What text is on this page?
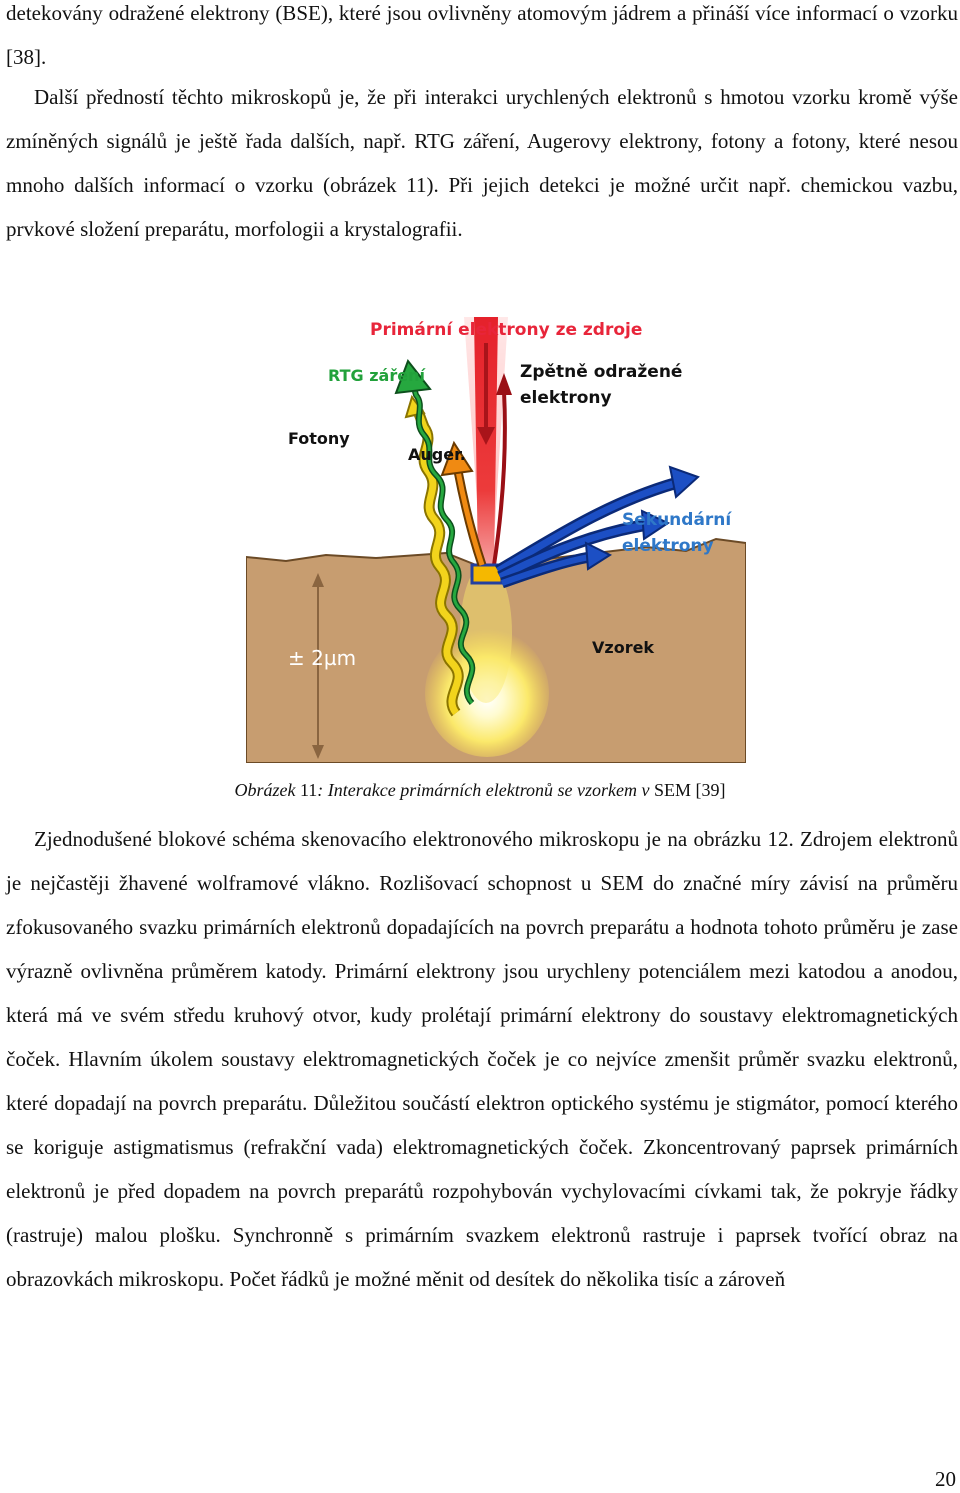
detekovány odražené elektrony (BSE), které jsou ovlivněny atomovým jádrem a přináší více informací o vzorku [38].

Další předností těchto mikroskopů je, že při interakci urychlených elektronů s hmotou vzorku kromě výše zmíněných signálů je ještě řada dalších, např. RTG záření, Augerovy elektrony, fotony a fotony, které nesou mnoho dalších informací o vzorku (obrázek 11). Při jejich detekci je možné určit např. chemickou vazbu, prvkové složení preparátu, morfologii a krystalografii.

Primární elektrony ze zdroje
RTG záření	Zpětně odražené
elektrony
Fotony
Auger.
Sekundární
elektrony
Vzorek
± 2µm
Obrázek 11: Interakce primárních elektronů se vzorkem v SEM [39]

Zjednodušené blokové schéma skenovacího elektronového mikroskopu je na obrázku 12. Zdrojem elektronů je nejčastěji žhavené wolframové vlákno. Rozlišovací schopnost u SEM do značné míry závisí na průměru zfokusovaného svazku primárních elektronů dopadajících na povrch preparátu a hodnota tohoto průměru je zase výrazně ovlivněna průměrem katody. Primární elektrony jsou urychleny potenciálem mezi katodou a anodou, která má ve svém středu kruhový otvor, kudy prolétají primární elektrony do soustavy elektromagnetických čoček. Hlavním úkolem soustavy elektromagnetických čoček je co nejvíce zmenšit průměr svazku elektronů, které dopadají na povrch preparátu. Důležitou součástí elektron optického systému je stigmátor, pomocí kterého se koriguje astigmatismus (refrakční vada) elektromagnetických čoček. Zkoncentrovaný paprsek primárních elektronů je před dopadem na povrch preparátů rozpohybován vychylovacími cívkami tak, že pokryje řádky (rastruje) malou plošku. Synchronně s primárním svazkem elektronů rastruje i paprsek tvořící obraz na obrazovkách mikroskopu. Počet řádků je možné měnit od desítek do několika tisíc a zároveň

20
